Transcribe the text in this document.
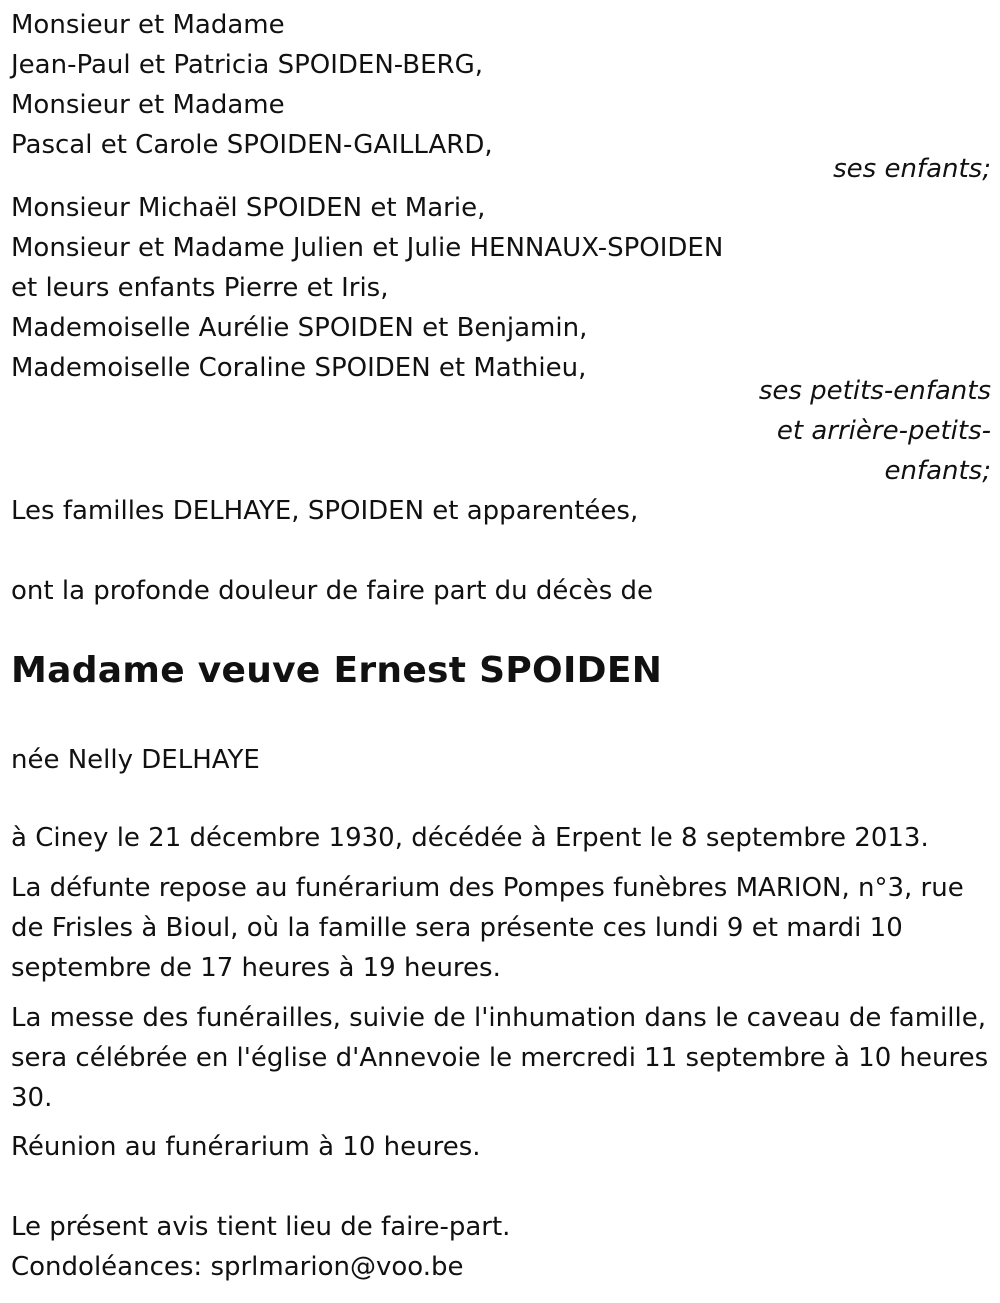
Monsieur et Madame
Jean-Paul et Patricia SPOIDEN-BERG,
Monsieur et Madame
Pascal et Carole SPOIDEN-GAILLARD,
ses enfants;
Monsieur Michaël SPOIDEN et Marie,
Monsieur et Madame Julien et Julie HENNAUX-SPOIDEN
et leurs enfants Pierre et Iris,
Mademoiselle Aurélie SPOIDEN et Benjamin,
Mademoiselle Coraline SPOIDEN et Mathieu,
ses petits-enfants
et arrière-petits-
enfants;
Les familles DELHAYE, SPOIDEN et apparentées,
ont la profonde douleur de faire part du décès de
Madame veuve Ernest SPOIDEN
née Nelly DELHAYE
à Ciney le 21 décembre 1930, décédée à Erpent le 8 septembre 2013.
La défunte repose au funérarium des Pompes funèbres MARION, n°3, rue
de Frisles à Bioul, où la famille sera présente ces lundi 9 et mardi 10
septembre de 17 heures à 19 heures.
La messe des funérailles, suivie de l'inhumation dans le caveau de famille,
sera célébrée en l'église d'Annevoie le mercredi 11 septembre à 10 heures
30.
Réunion au funérarium à 10 heures.
Le présent avis tient lieu de faire-part.
Condoléances: sprlmarion@voo.be
